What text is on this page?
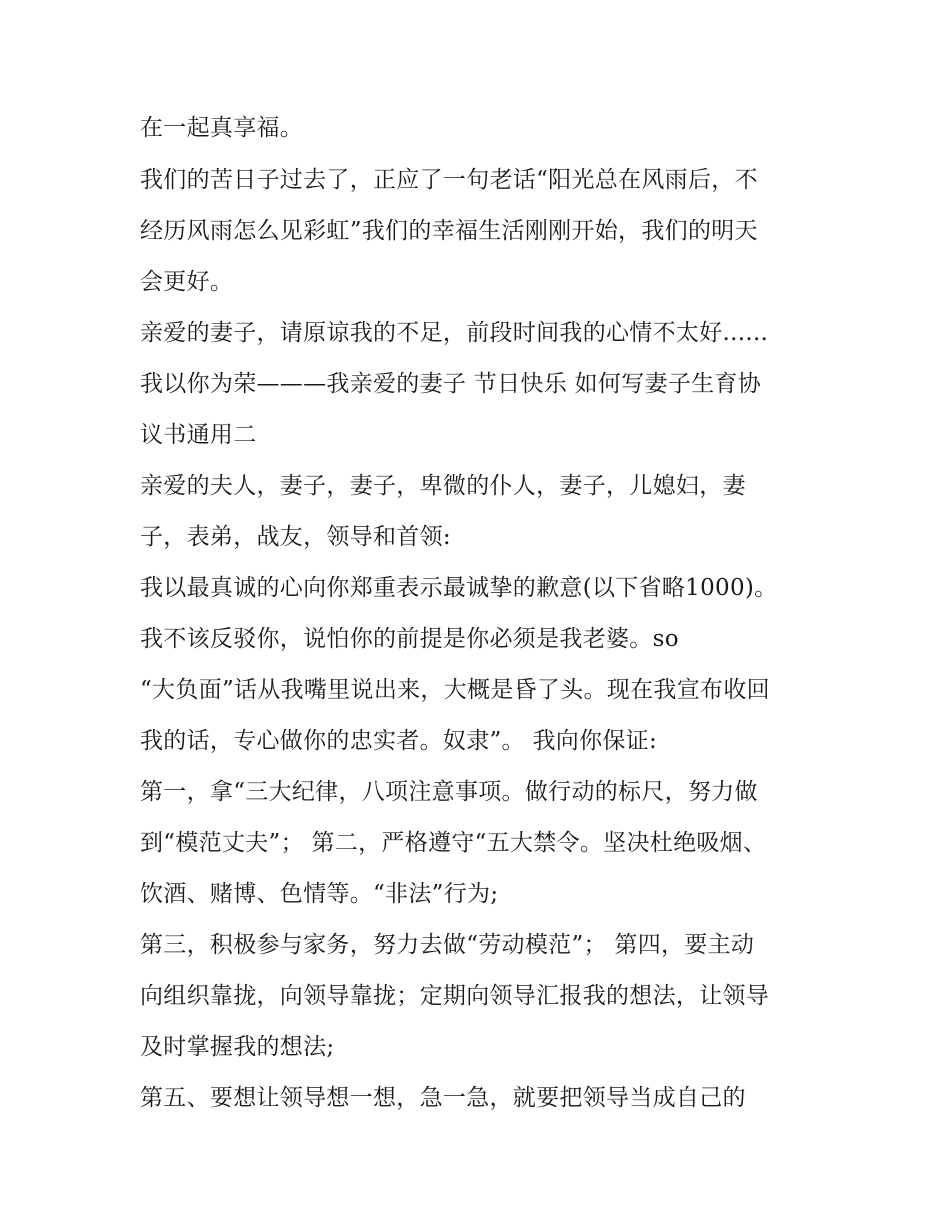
在一起真享福。
我们的苦日子过去了，正应了一句老话“阳光总在风雨后，不
经历风雨怎么见彩虹”我们的幸福生活刚刚开始，我们的明天
会更好。
亲爱的妻子，请原谅我的不足，前段时间我的心情不太好......
我以你为荣———我亲爱的妻子 节日快乐 如何写妻子生育协
议书通用二
亲爱的夫人，妻子，妻子，卑微的仆人，妻子，儿媳妇，妻
子，表弟，战友，领导和首领:
我以最真诚的心向你郑重表示最诚挚的歉意(以下省略1000)。
我不该反驳你，说怕你的前提是你必须是我老婆。so
“大负面”话从我嘴里说出来，大概是昏了头。现在我宣布收回
我的话，专心做你的忠实者。奴隶”。 我向你保证:
第一，拿“三大纪律，八项注意事项。做行动的标尺，努力做
到“模范丈夫”； 第二，严格遵守“五大禁令。坚决杜绝吸烟、
饮酒、赌博、色情等。“非法”行为;
第三，积极参与家务，努力去做“劳动模范”； 第四，要主动
向组织靠拢，向领导靠拢；定期向领导汇报我的想法，让领导
及时掌握我的想法;
第五、要想让领导想一想，急一急，就要把领导当成自己的
